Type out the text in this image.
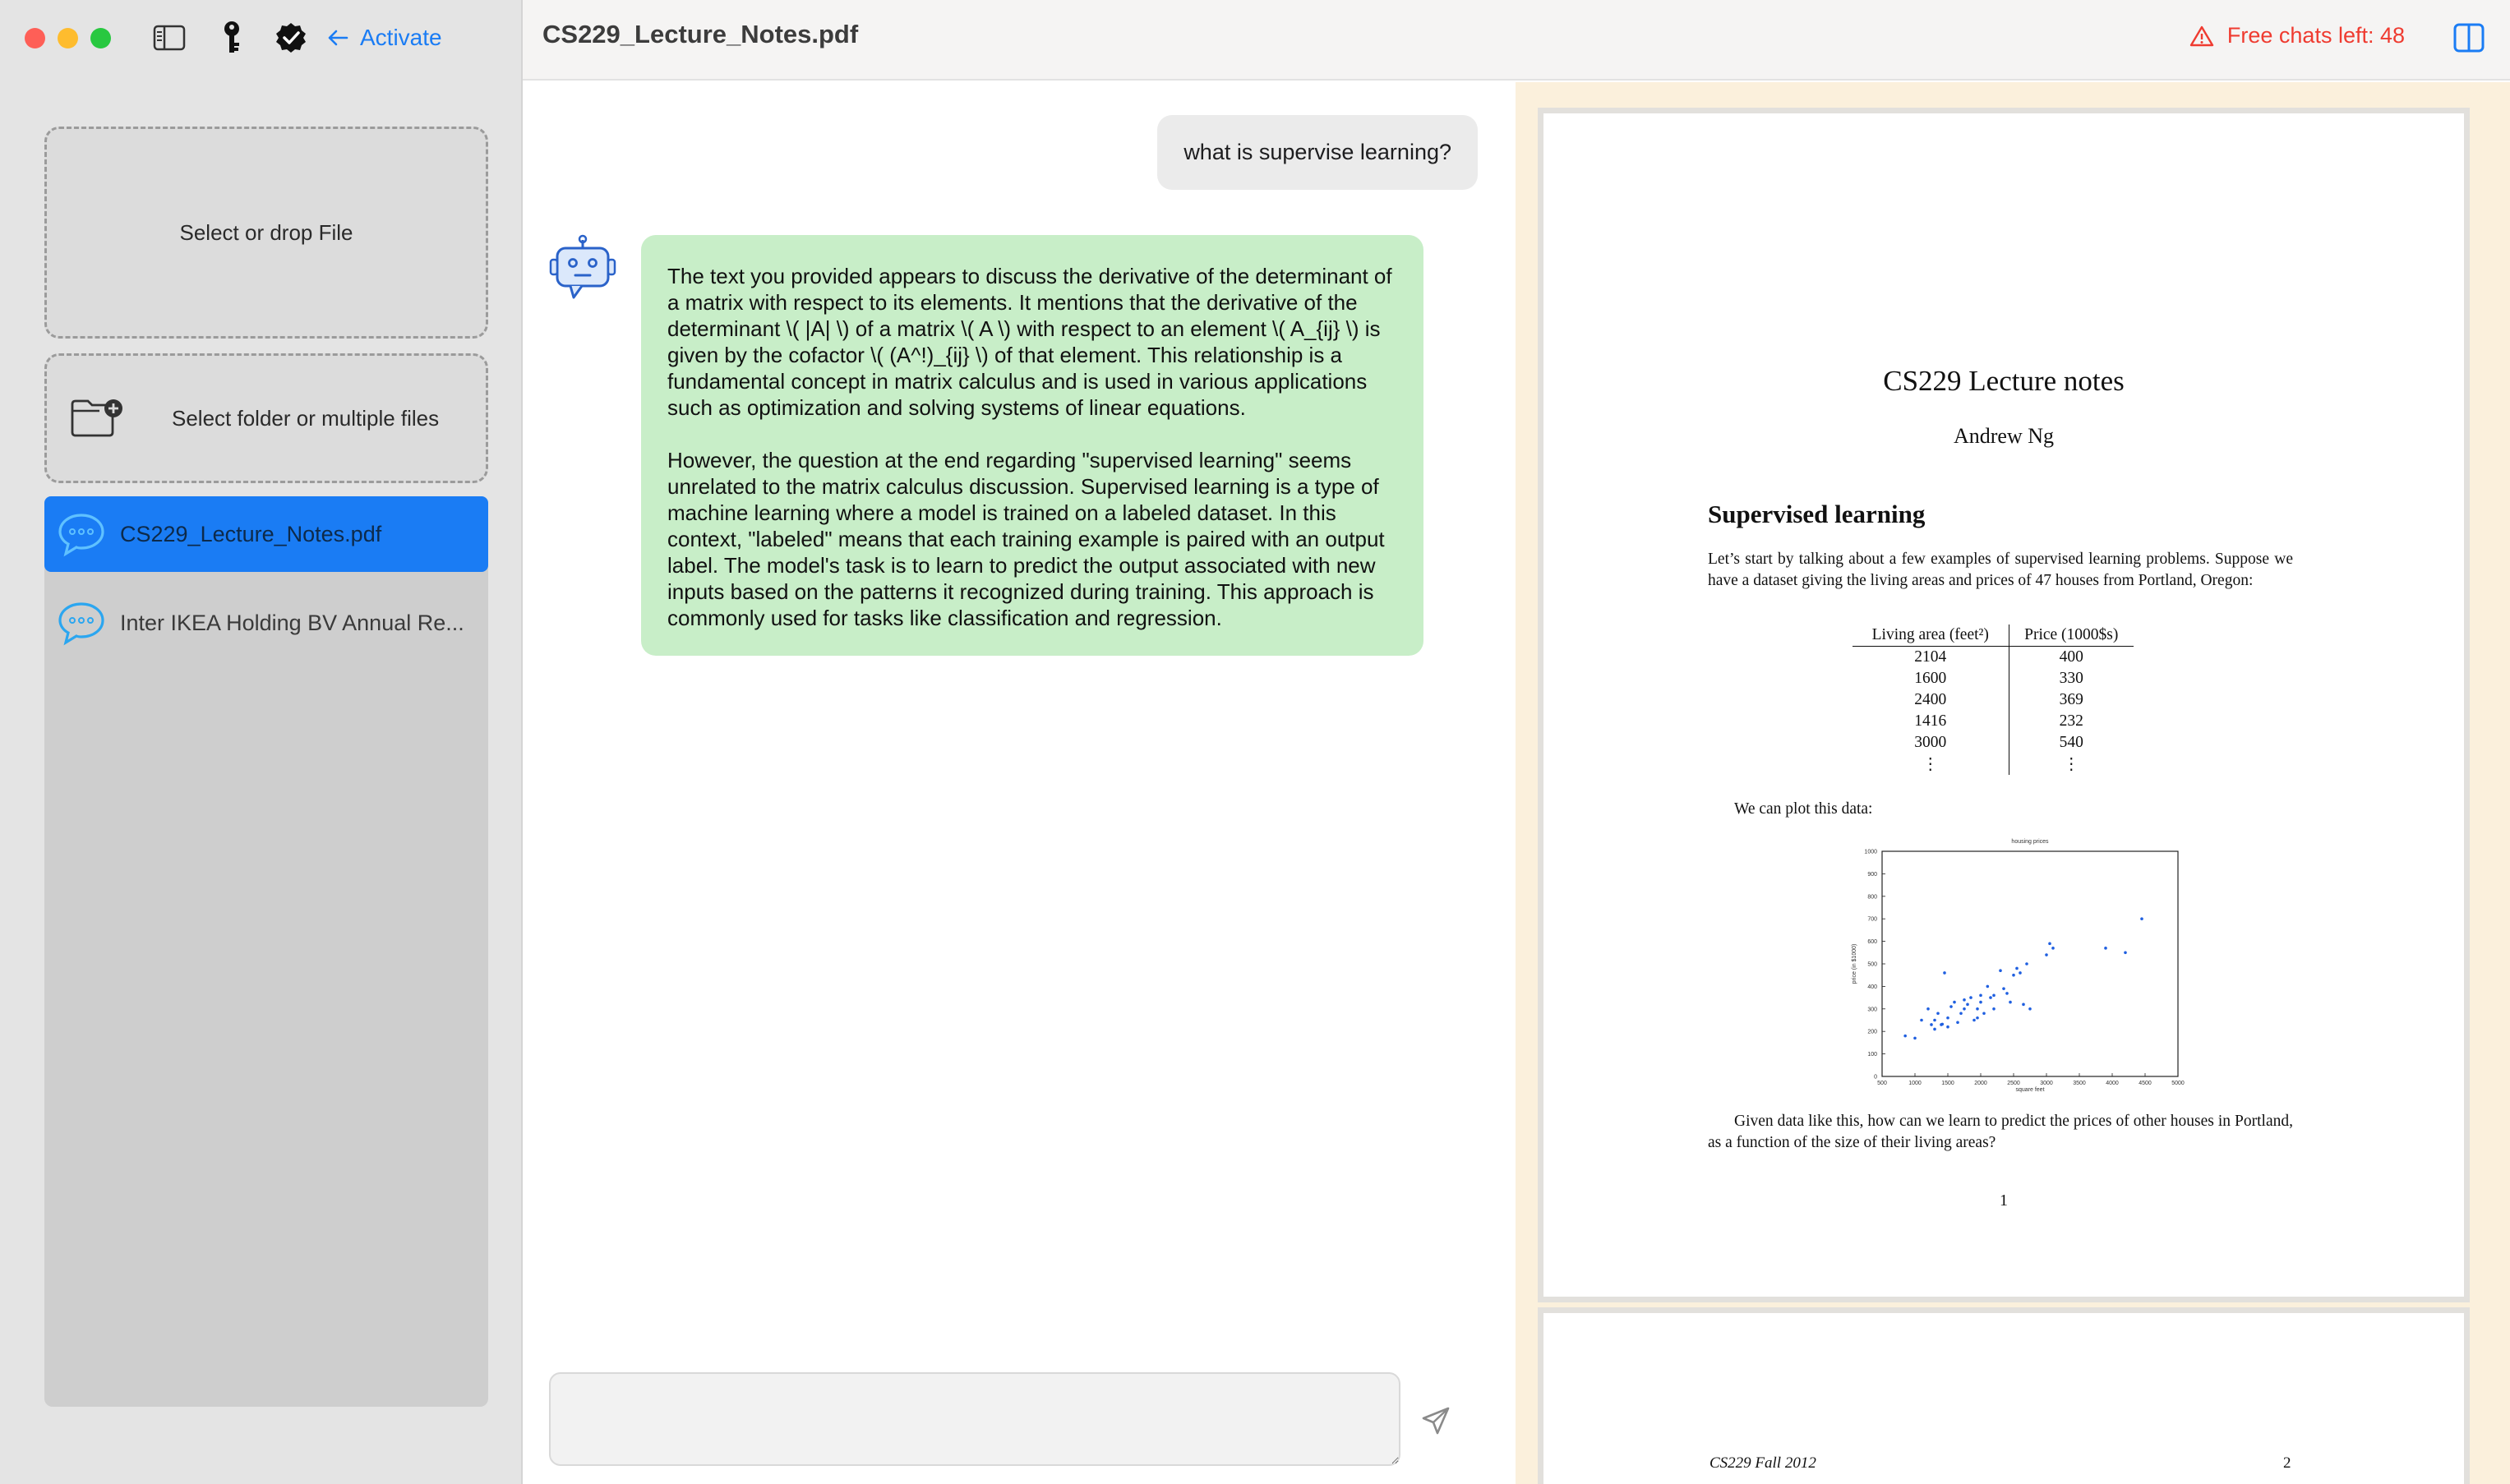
Activate
Select or drop File
Select folder or multiple files
CS229_Lecture_Notes.pdf
Inter IKEA Holding BV Annual Re...
CS229_Lecture_Notes.pdf	Free chats left: 48
what is supervise learning?

The text you provided appears to discuss the derivative of the determinant of a matrix with respect to its elements. It mentions that the derivative of the determinant \( |A| \) of a matrix \( A \) with respect to an element \( A_{ij} \) is given by the cofactor \( (A^!)_{ij} \) of that element. This relationship is a fundamental concept in matrix calculus and is used in various applications such as optimization and solving systems of linear equations.

However, the question at the end regarding "supervised learning" seems unrelated to the matrix calculus discussion. Supervised learning is a type of machine learning where a model is trained on a labeled dataset. In this context, "labeled" means that each training example is paired with an output label. The model's task is to learn to predict the output associated with new inputs based on the patterns it recognized during training. This approach is commonly used for tasks like classification and regression.

CS229 Lecture notes
Andrew Ng
Supervised learning
Let’s start by talking about a few examples of supervised learning problems. Suppose we have a dataset giving the living areas and prices of 47 houses from Portland, Oregon:
Living area (feet²)	Price (1000$s)
2104	400
1600	330
2400	369
1416	232
3000	540
⋮	⋮
We can plot this data:
housing prices
0
100
200
300
400
500
600
700
800
900
1000
500	1000	1500	2000	2500	3000	3500	4000	4500	5000
square feet
price (in $1000)
Given data like this, how can we learn to predict the prices of other houses in Portland, as a function of the size of their living areas?
1
CS229 Fall 2012	2
